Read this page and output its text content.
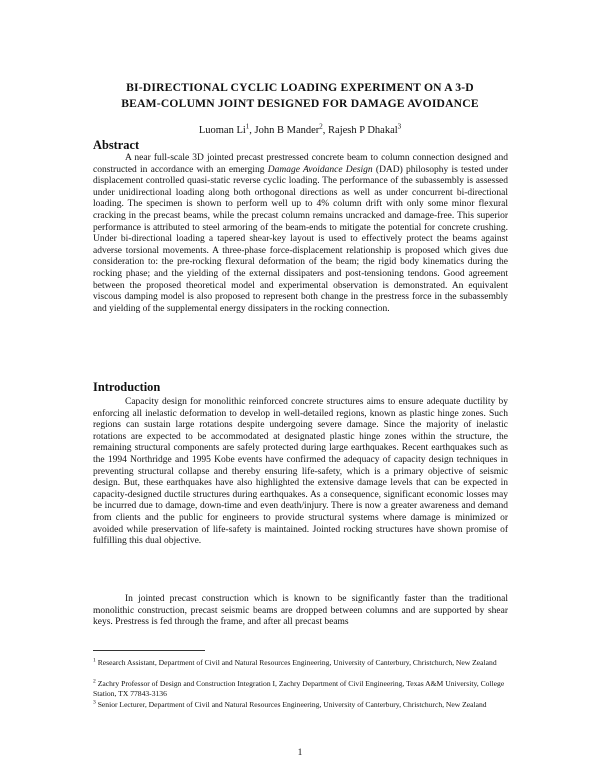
BI-DIRECTIONAL CYCLIC LOADING EXPERIMENT ON A 3-D
BEAM-COLUMN JOINT DESIGNED FOR DAMAGE AVOIDANCE
Luoman Li$^1$, John B Mander$^2$, Rajesh P Dhakal$^3$
Abstract

A near full-scale 3D jointed precast prestressed concrete beam to column connection designed and constructed in accordance with an emerging Damage Avoidance Design (DAD) philosophy is tested under displacement controlled quasi-static reverse cyclic loading. The performance of the subassembly is assessed under unidirectional loading along both orthogonal directions as well as under concurrent bi-directional loading. The specimen is shown to perform well up to 4% column drift with only some minor flexural cracking in the precast beams, while the precast column remains uncracked and damage-free. This superior performance is attributed to steel armoring of the beam-ends to mitigate the potential for concrete crushing. Under bi-directional loading a tapered shear-key layout is used to effectively protect the beams against adverse torsional movements. A three-phase force-displacement relationship is proposed which gives due consideration to: the pre-rocking flexural deformation of the beam; the rigid body kinematics during the rocking phase; and the yielding of the external dissipaters and post-tensioning tendons. Good agreement between the proposed theoretical model and experimental observation is demonstrated. An equivalent viscous damping model is also proposed to represent both change in the prestress force in the subassembly and yielding of the supplemental energy dissipaters in the rocking connection.

Introduction

Capacity design for monolithic reinforced concrete structures aims to ensure adequate ductility by enforcing all inelastic deformation to develop in well-detailed regions, known as plastic hinge zones. Such regions can sustain large rotations despite undergoing severe damage. Since the majority of inelastic rotations are expected to be accommodated at designated plastic hinge zones within the structure, the remaining structural components are safely protected during large earthquakes. Recent earthquakes such as the 1994 Northridge and 1995 Kobe events have confirmed the adequacy of capacity design techniques in preventing structural collapse and thereby ensuring life-safety, which is a primary objective of seismic design. But, these earthquakes have also highlighted the extensive damage levels that can be expected in capacity-designed ductile structures during earthquakes. As a consequence, significant economic losses may be incurred due to damage, down-time and even death/injury. There is now a greater awareness and demand from clients and the public for engineers to provide structural systems where damage is minimized or avoided while preservation of life-safety is maintained. Jointed rocking structures have shown promise of fulfilling this dual objective.

In jointed precast construction which is known to be significantly faster than the traditional monolithic construction, precast seismic beams are dropped between columns and are supported by shear keys. Prestress is fed through the frame, and after all precast beams

$^1$ Research Assistant, Department of Civil and Natural Resources Engineering, University of Canterbury, Christchurch, New Zealand

$^2$ Zachry Professor of Design and Construction Integration I, Zachry Department of Civil Engineering, Texas A&M University, College Station, TX 77843-3136

$^3$ Senior Lecturer, Department of Civil and Natural Resources Engineering, University of Canterbury, Christchurch, New Zealand

1
